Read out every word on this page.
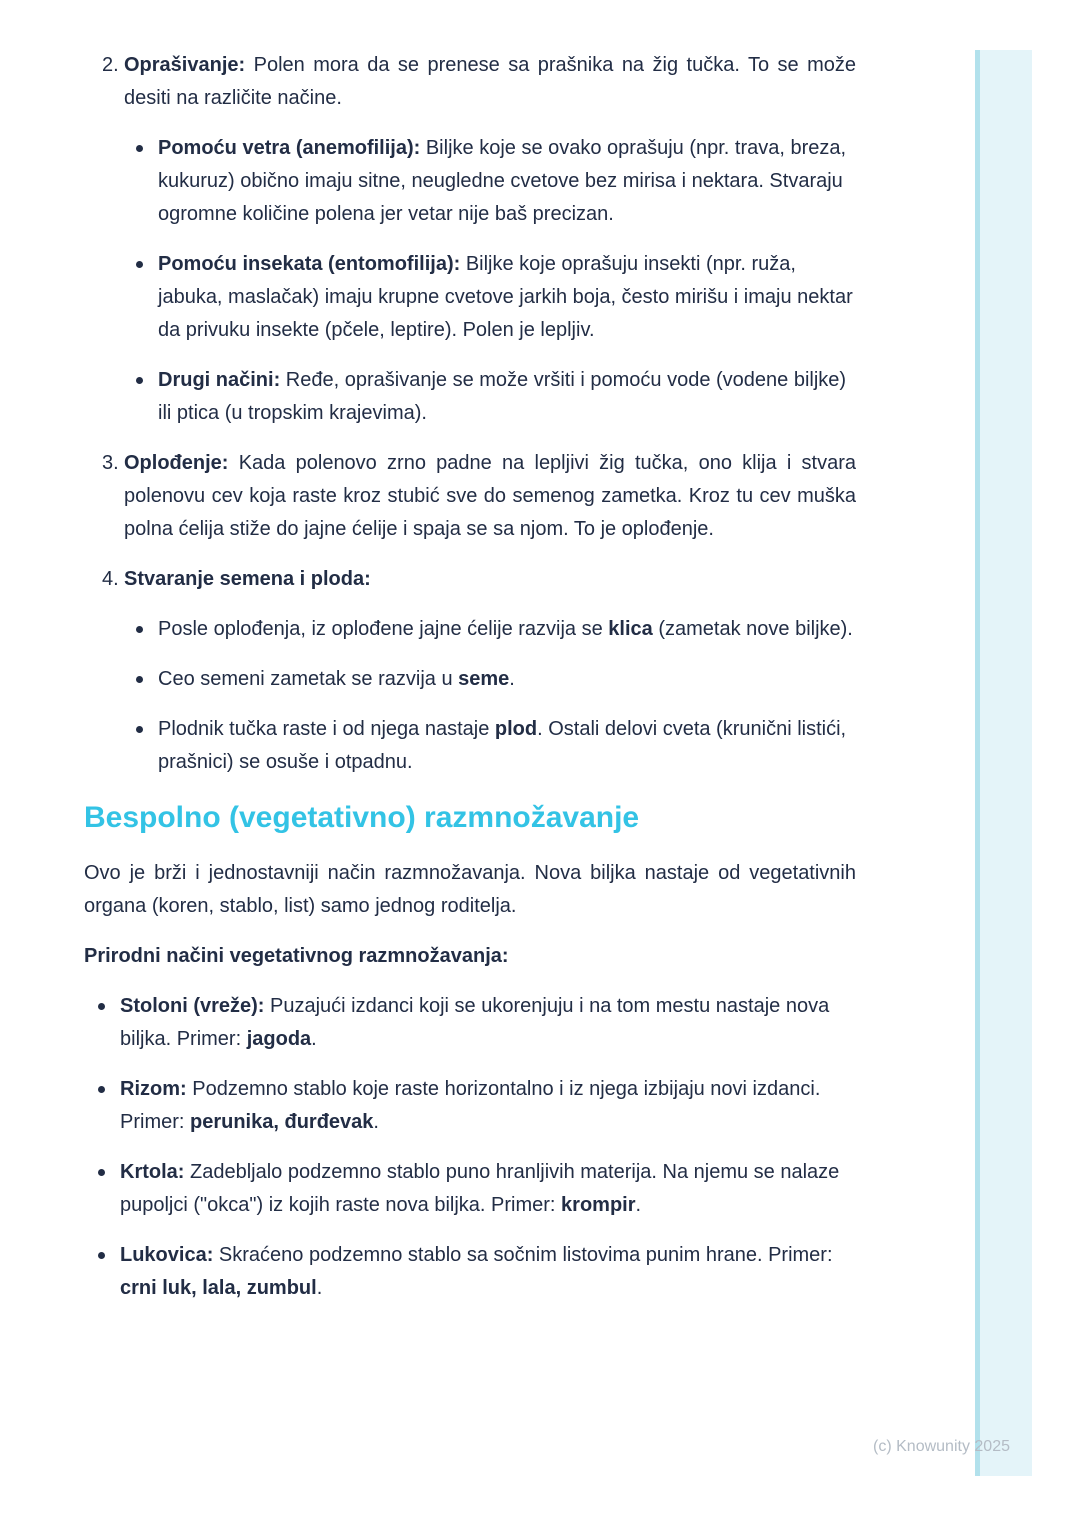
(c) Knowunity 2025
2. Oprašivanje: Polen mora da se prenese sa prašnika na žig tučka. To se može desiti na različite načine.

Pomoću vetra (anemofilija): Biljke koje se ovako oprašuju (npr. trava, breza, kukuruz) obično imaju sitne, neugledne cvetove bez mirisa i nektara. Stvaraju ogromne količine polena jer vetar nije baš precizan.
Pomoću insekata (entomofilija): Biljke koje oprašuju insekti (npr. ruža, jabuka, maslačak) imaju krupne cvetove jarkih boja, često mirišu i imaju nektar da privuku insekte (pčele, leptire). Polen je lepljiv.
Drugi načini: Ređe, oprašivanje se može vršiti i pomoću vode (vodene biljke) ili ptica (u tropskim krajevima).
3. Oplođenje: Kada polenovo zrno padne na lepljivi žig tučka, ono klija i stvara polenovu cev koja raste kroz stubić sve do semenog zametka. Kroz tu cev muška polna ćelija stiže do jajne ćelije i spaja se sa njom. To je oplođenje.

4. Stvaranje semena i ploda:

Posle oplođenja, iz oplođene jajne ćelije razvija se klica (zametak nove biljke).
Ceo semeni zametak se razvija u seme.
Plodnik tučka raste i od njega nastaje plod. Ostali delovi cveta (krunični listići, prašnici) se osuše i otpadnu.
Bespolno (vegetativno) razmnožavanje

Ovo je brži i jednostavniji način razmnožavanja. Nova biljka nastaje od vegetativnih organa (koren, stablo, list) samo jednog roditelja.

Prirodni načini vegetativnog razmnožavanja:

Stoloni (vreže): Puzajući izdanci koji se ukorenjuju i na tom mestu nastaje nova biljka. Primer: jagoda.
Rizom: Podzemno stablo koje raste horizontalno i iz njega izbijaju novi izdanci. Primer: perunika, đurđevak.
Krtola: Zadebljalo podzemno stablo puno hranljivih materija. Na njemu se nalaze pupoljci ("okca") iz kojih raste nova biljka. Primer: krompir.
Lukovica: Skraćeno podzemno stablo sa sočnim listovima punim hrane. Primer: crni luk, lala, zumbul.
